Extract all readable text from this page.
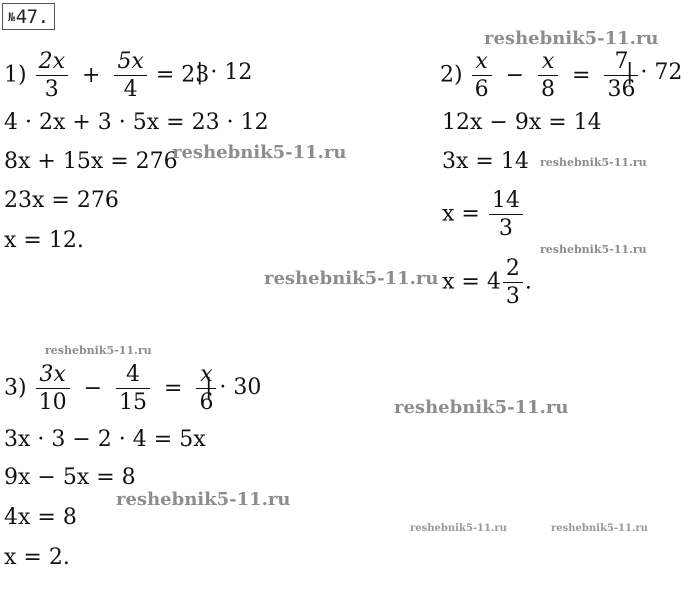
№47.
$1) \frac{2x}{3} + \frac{5x}{4} = 23$
| · 12
4 · 2x + 3 · 5x = 23 · 12
8x + 15x = 276
23x = 276
x = 12.
$2) \frac{x}{6} - \frac{x}{8} = \frac{7}{36}$
| · 72
12x − 9x = 14
3x = 14
$x = \frac{14}{3}$
$x = 4 \frac{2}{3}$ .
$3) \frac{3x}{10} - \frac{4}{15} = \frac{x}{6}$
| · 30
3x · 3 − 2 · 4 = 5x
9x − 5x = 8
4x = 8
x = 2.
reshebnik5-11.ru
reshebnik5-11.ru	reshebnik5-11.ru
reshebnik5-11.ru
reshebnik5-11.ru
reshebnik5-11.ru
reshebnik5-11.ru
reshebnik5-11.ru
reshebnik5-11.ru	reshebnik5-11.ru
